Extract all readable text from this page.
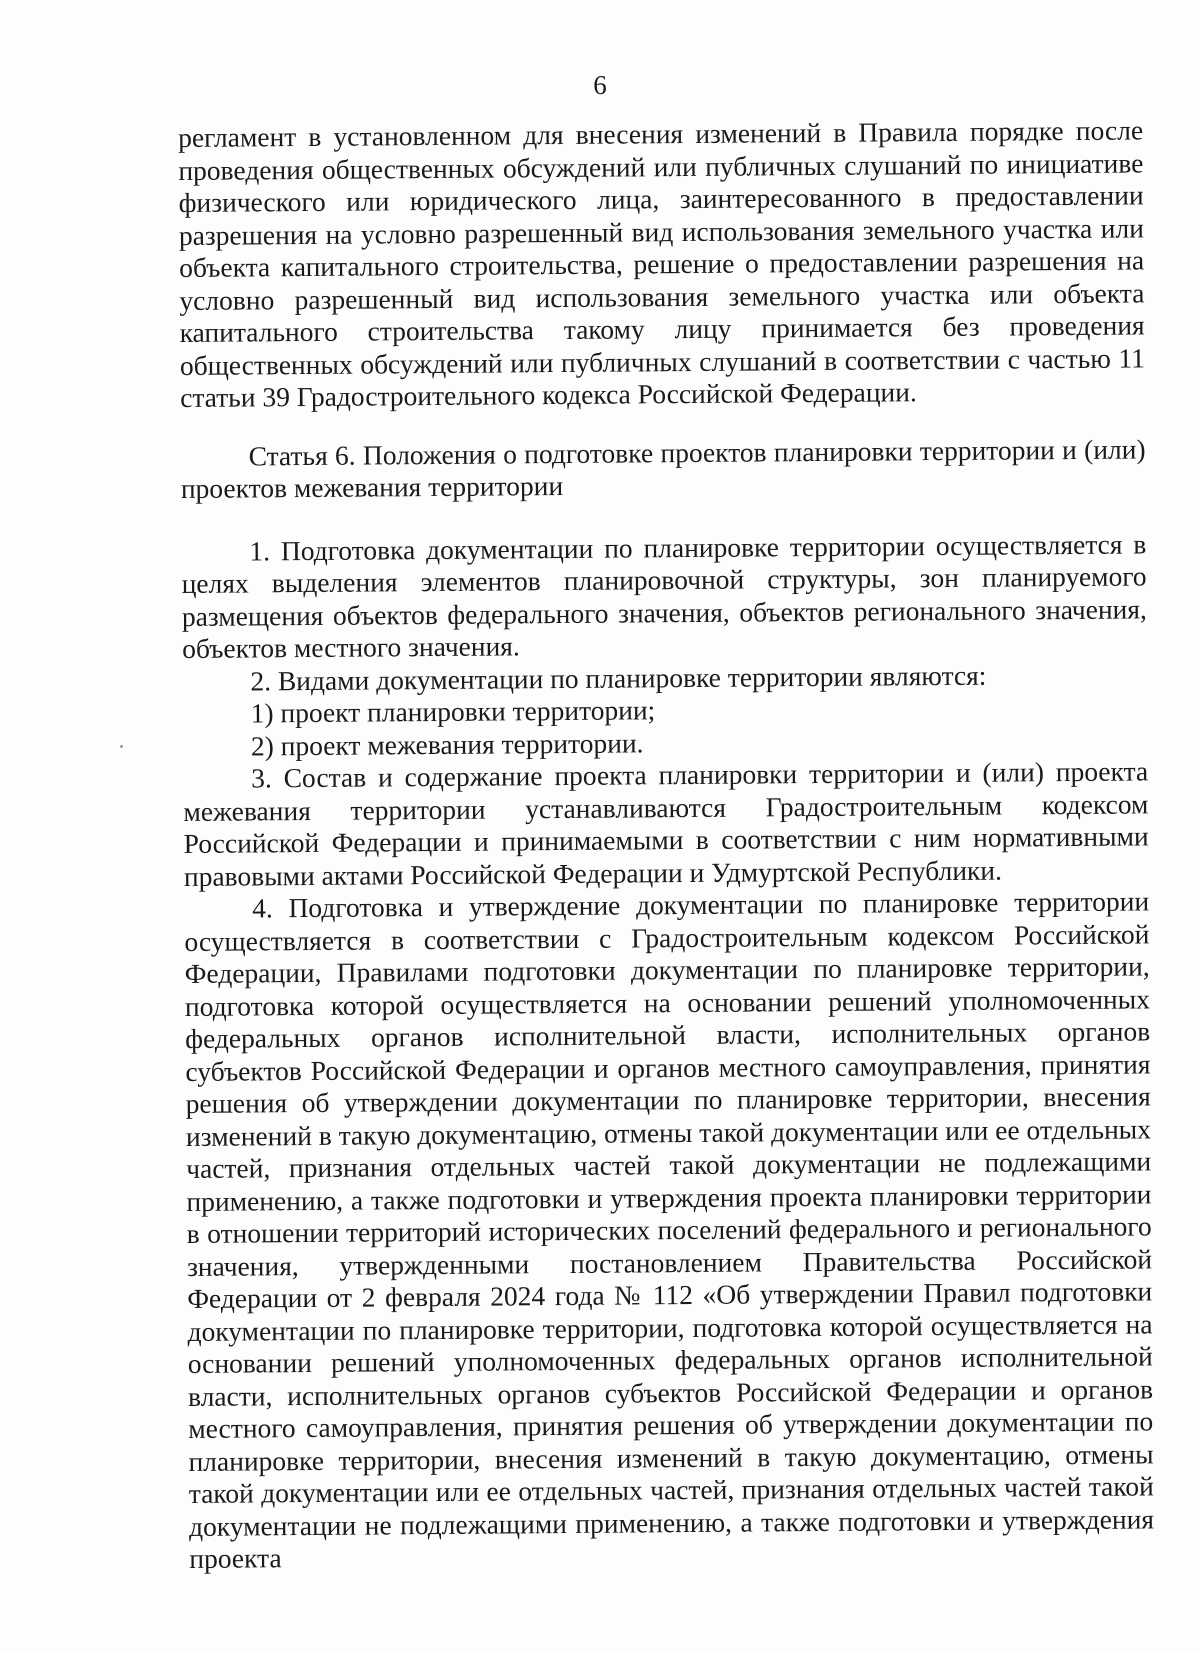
6

регламент в установленном для внесения изменений в Правила порядке после проведения общественных обсуждений или публичных слушаний по инициативе физического или юридического лица, заинтересованного в предоставлении разрешения на условно разрешенный вид использования земельного участка или объекта капитального строительства, решение о предоставлении разрешения на условно разрешенный вид использования земельного участка или объекта капитального строительства такому лицу принимается без проведения общественных обсуждений или публичных слушаний в соответствии с частью 11 статьи 39 Градостроительного кодекса Российской Федерации.

Статья 6. Положения о подготовке проектов планировки территории и (или) проектов межевания территории

1. Подготовка документации по планировке территории осуществляется в целях выделения элементов планировочной структуры, зон планируемого размещения объектов федерального значения, объектов регионального значения, объектов местного значения.

2. Видами документации по планировке территории являются:

1) проект планировки территории;

2) проект межевания территории.

3. Состав и содержание проекта планировки территории и (или) проекта межевания территории устанавливаются Градостроительным кодексом Российской Федерации и принимаемыми в соответствии с ним нормативными правовыми актами Российской Федерации и Удмуртской Республики.

4. Подготовка и утверждение документации по планировке территории осуществляется в соответствии с Градостроительным кодексом Российской Федерации, Правилами подготовки документации по планировке территории, подготовка которой осуществляется на основании решений уполномоченных федеральных органов исполнительной власти, исполнительных органов субъектов Российской Федерации и органов местного самоуправления, принятия решения об утверждении документации по планировке территории, внесения изменений в такую документацию, отмены такой документации или ее отдельных частей, признания отдельных частей такой документации не подлежащими применению, а также подготовки и утверждения проекта планировки территории в отношении территорий исторических поселений федерального и регионального значения, утвержденными постановлением Правительства Российской Федерации от 2 февраля 2024 года № 112 «Об утверждении Правил подготовки документации по планировке территории, подготовка которой осуществляется на основании решений уполномоченных федеральных органов исполнительной власти, исполнительных органов субъектов Российской Федерации и органов местного самоуправления, принятия решения об утверждении документации по планировке территории, внесения изменений в такую документацию, отмены такой документации или ее отдельных частей, признания отдельных частей такой документации не подлежащими применению, а также подготовки и утверждения проекта
